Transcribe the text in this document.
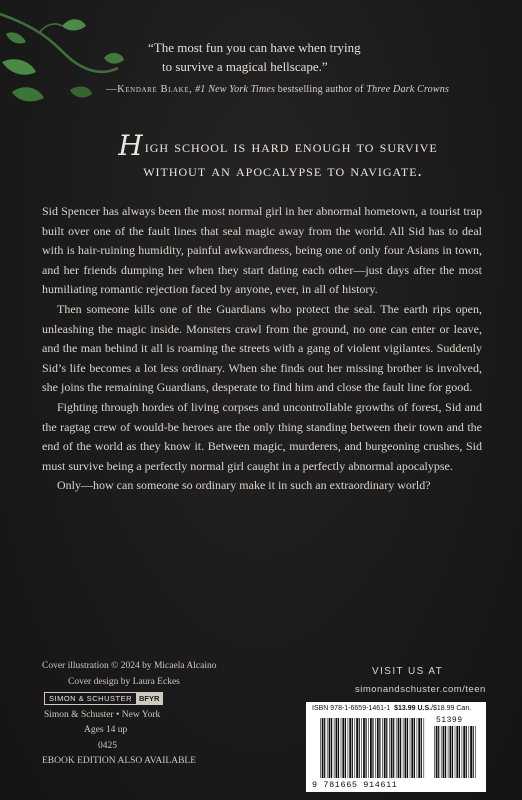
“The most fun you can have when trying
to survive a magical hellscape.”
—Kendare Blake, #1 New York Times bestselling author of Three Dark Crowns
High school is hard enough to survive
without an apocalypse to navigate.

Sid Spencer has always been the most normal girl in her abnormal hometown, a tourist trap built over one of the fault lines that seal magic away from the world. All Sid has to deal with is hair-ruining humidity, painful awkwardness, being one of only four Asians in town, and her friends dumping her when they start dating each other—just days after the most humiliating romantic rejection faced by anyone, ever, in all of history.

Then someone kills one of the Guardians who protect the seal. The earth rips open, unleashing the magic inside. Monsters crawl from the ground, no one can enter or leave, and the man behind it all is roaming the streets with a gang of violent vigilantes. Suddenly Sid’s life becomes a lot less ordinary. When she finds out her missing brother is involved, she joins the remaining Guardians, desperate to find him and close the fault line for good.

Fighting through hordes of living corpses and uncontrollable growths of forest, Sid and the ragtag crew of would-be heroes are the only thing standing between their town and the end of the world as they know it. Between magic, murderers, and burgeoning crushes, Sid must survive being a perfectly normal girl caught in a perfectly abnormal apocalypse.

Only—how can someone so ordinary make it in such an extraordinary world?

Cover illustration © 2024 by Micaela Alcaino
Cover design by Laura Eckes
SIMON & SCHUSTER BFYR
Simon & Schuster • New York
Ages 14 up
0425
EBOOK EDITION ALSO AVAILABLE
VISIT US AT
simonandschuster.com/teen
ISBN 978-1-6659-1461-1 $13.99 U.S./$18.99 Can.
51399
9 781665 914611
